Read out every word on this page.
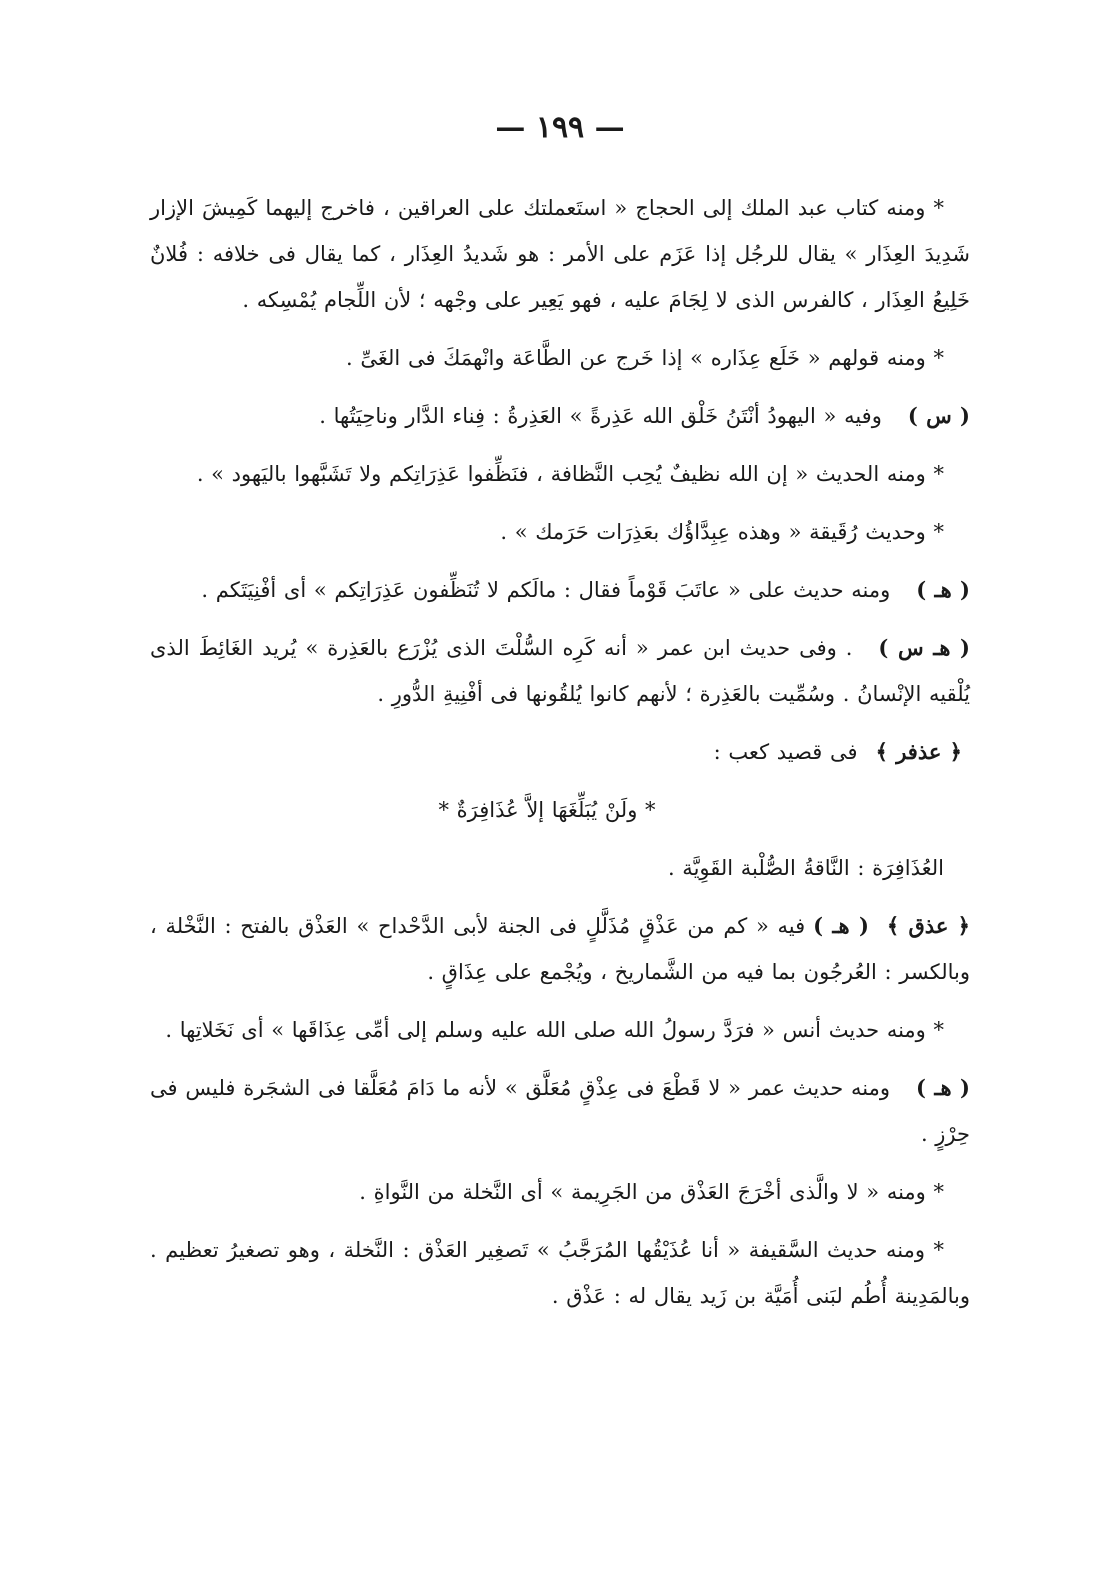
— ١٩٩ —

* ومنه كتاب عبد الملك إلى الحجاج « استَعملتك على العراقين ، فاخرج إليهما كَمِيشَ الإزار شَدِيدَ العِذَار » يقال للرجُل إذا عَزَم على الأمر : هو شَديدُ العِذَار ، كما يقال فى خلافه : فُلانٌ خَلِيعُ العِذَار ، كالفرس الذى لا لِجَامَ عليه ، فهو يَعِير على وجْهه ؛ لأن اللِّجام يُمْسِكه .

* ومنه قولهم « خَلَع عِذَاره » إذا خَرج عن الطَّاعَة وانْهمَكَ فى الغَىِّ .

( س )وفيه « اليهودُ أنْتَنُ خَلْق الله عَذِرةً » العَذِرةُ : فِناء الدَّار وناحِيَتُها .

* ومنه الحديث « إن الله نظيفٌ يُحِب النَّظافة ، فنَظِّفوا عَذِرَاتِكم ولا تَشَبَّهوا باليَهود » .

* وحديث رُقَيقة « وهذه عِبِدَّاؤُك بعَذِرَات حَرَمك » .

( هـ )ومنه حديث على « عاتَبَ قَوْماً فقال : مالَكم لا تُنَظِّفون عَذِرَاتِكم » أى أفْنِيَتَكم .

( هـ س ). وفى حديث ابن عمر « أنه كَرِه السُّلْتَ الذى يُزْرَع بالعَذِرة » يُريد الغَائِطَ الذى يُلْقيه الإنْسانُ . وسُمِّيت بالعَذِرة ؛ لأنهم كانوا يُلقُونها فى أفْنِيةِ الدُّورِ .

﴿ عذفر ﴾فى قصيد كعب :

* ولَنْ يُبَلِّغَهَا إلاَّ عُذَافِرَةٌ *

العُذَافِرَة : النَّاقةُ الصُّلْبة القَوِيَّة .

﴿ عذق ﴾( هـ )فيه « كم من عَذْقٍ مُذَلَّلٍ فى الجنة لأبى الدَّحْداح » العَذْق بالفتح : النَّخْلة ، وبالكسر : العُرجُون بما فيه من الشَّماريخ ، ويُجْمع على عِذَاقٍ .

* ومنه حديث أنس « فرَدَّ رسولُ الله صلى الله عليه وسلم إلى أمِّى عِذَاقَها » أى نَخَلاتِها .

( هـ )ومنه حديث عمر « لا قَطْعَ فى عِذْقٍ مُعَلَّق » لأنه ما دَامَ مُعَلَّقا فى الشجَرة فليس فى حِرْزٍ .

* ومنه « لا والَّذى أخْرَجَ العَذْق من الجَرِيمة » أى النَّخلة من النَّواةِ .

* ومنه حديث السَّقيفة « أنا عُذَيْقُها المُرَجَّبُ » تَصغِير العَذْق : النَّخلة ، وهو تصغيرُ تعظيم . وبالمَدِينة أُطُم لبَنى أُمَيَّة بن زَيد يقال له : عَذْق .
